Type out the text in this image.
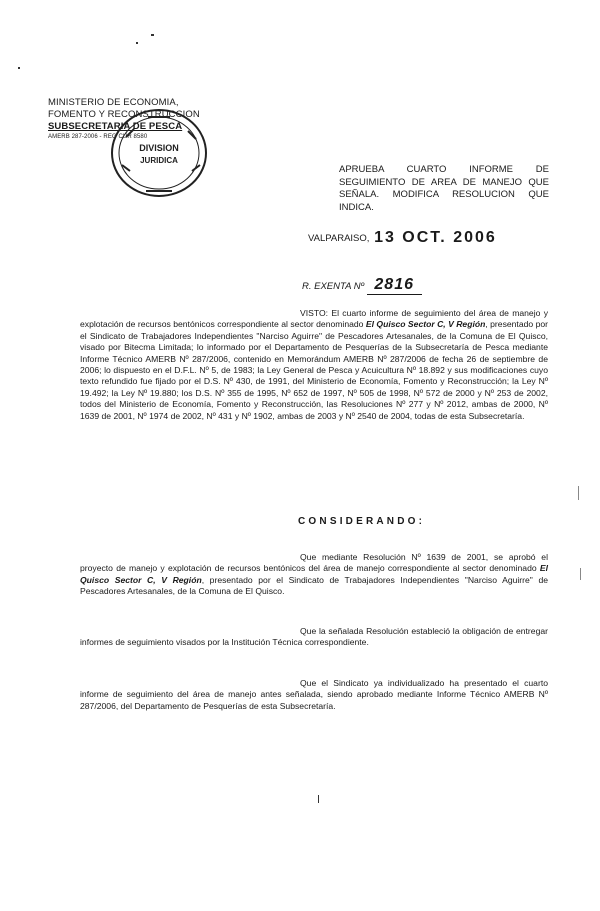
MINISTERIO DE ECONOMIA,
FOMENTO Y RECONSTRUCCION
SUBSECRETARIA DE PESCA
AMERB 287-2006 - REG CUR 8580
DIVISION
JURIDICA
APRUEBA CUARTO INFORME DE
SEGUIMIENTO DE AREA DE MANEJO QUE
SEÑALA. MODIFICA RESOLUCION QUE INDICA.
VALPARAISO, 13 OCT. 2006
R. EXENTA Nº 2816
VISTO: El cuarto informe de seguimiento del área de manejo y explotación de recursos bentónicos correspondiente al sector denominado El Quisco Sector C, V Región, presentado por el Sindicato de Trabajadores Independientes "Narciso Aguirre" de Pescadores Artesanales, de la Comuna de El Quisco, visado por Bitecma Limitada; lo informado por el Departamento de Pesquerías de la Subsecretaría de Pesca mediante Informe Técnico AMERB Nº 287/2006, contenido en Memorándum AMERB Nº 287/2006 de fecha 26 de septiembre de 2006; lo dispuesto en el D.F.L. Nº 5, de 1983; la Ley General de Pesca y Acuicultura Nº 18.892 y sus modificaciones cuyo texto refundido fue fijado por el D.S. Nº 430, de 1991, del Ministerio de Economía, Fomento y Reconstrucción; la Ley Nº 19.492; la Ley Nº 19.880; los D.S. Nº 355 de 1995, Nº 652 de 1997, Nº 505 de 1998, Nº 572 de 2000 y Nº 253 de 2002, todos del Ministerio de Economía, Fomento y Reconstrucción, las Resoluciones Nº 277 y Nº 2012, ambas de 2000, Nº 1639 de 2001, Nº 1974 de 2002, Nº 431 y Nº 1902, ambas de 2003 y Nº 2540 de 2004, todas de esta Subsecretaría.
CONSIDERANDO:
Que mediante Resolución Nº 1639 de 2001, se aprobó el proyecto de manejo y explotación de recursos bentónicos del área de manejo correspondiente al sector denominado El Quisco Sector C, V Región, presentado por el Sindicato de Trabajadores Independientes "Narciso Aguirre" de Pescadores Artesanales, de la Comuna de El Quisco.
Que la señalada Resolución estableció la obligación de entregar informes de seguimiento visados por la Institución Técnica correspondiente.
Que el Sindicato ya individualizado ha presentado el cuarto informe de seguimiento del área de manejo antes señalada, siendo aprobado mediante Informe Técnico AMERB Nº 287/2006, del Departamento de Pesquerías de esta Subsecretaría.
